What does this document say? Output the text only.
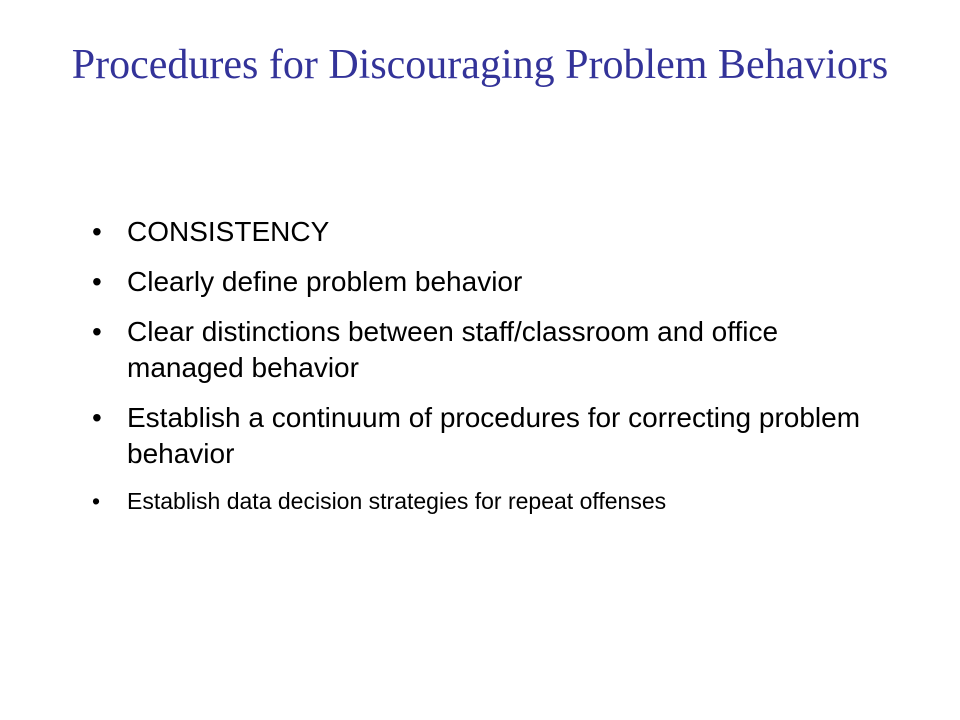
Procedures for Discouraging Problem Behaviors
• CONSISTENCY
• Clearly define problem behavior
• Clear distinctions between staff/classroom and office managed behavior
• Establish a continuum of procedures for correcting problem behavior
• Establish data decision strategies for repeat offenses
